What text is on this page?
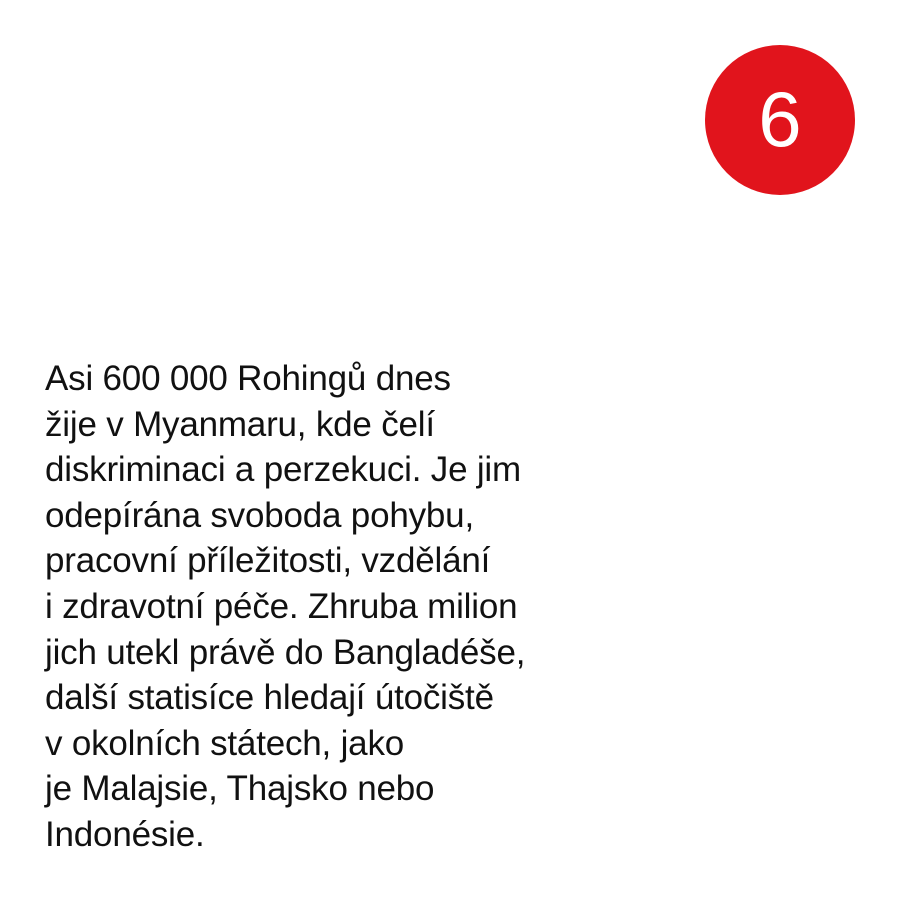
6

Asi 600 000 Rohingů dnes
žije v Myanmaru, kde čelí
diskriminaci a perzekuci. Je jim
odepírána svoboda pohybu,
pracovní příležitosti, vzdělání
i zdravotní péče. Zhruba milion
jich utekl právě do Bangladéše,
další statisíce hledají útočiště
v okolních státech, jako
je Malajsie, Thajsko nebo
Indonésie.
